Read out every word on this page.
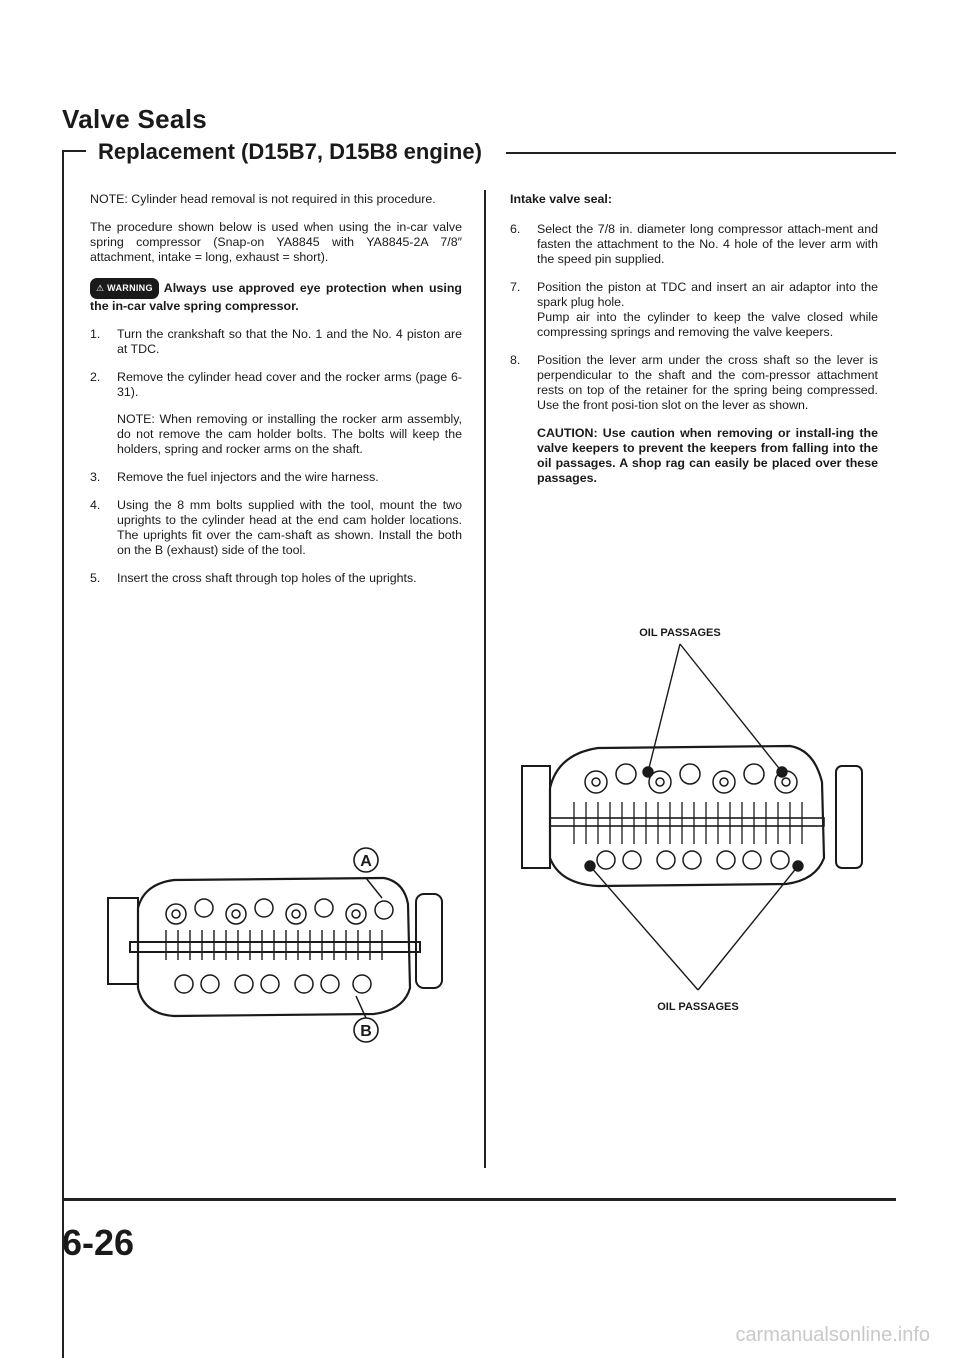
Valve Seals
Replacement (D15B7, D15B8 engine)

NOTE: Cylinder head removal is not required in this procedure.

The procedure shown below is used when using the in-car valve spring compressor (Snap-on YA8845 with YA8845-2A 7/8″ attachment, intake = long, exhaust = short).

⚠ WARNING Always use approved eye protection when using the in-car valve spring compressor.

1. Turn the crankshaft so that the No. 1 and the No. 4 piston are at TDC.
2. Remove the cylinder head cover and the rocker arms (page 6-31).

NOTE: When removing or installing the rocker arm assembly, do not remove the cam holder bolts. The bolts will keep the holders, spring and rocker arms on the shaft.

3. Remove the fuel injectors and the wire harness.
4. Using the 8 mm bolts supplied with the tool, mount the two uprights to the cylinder head at the end cam holder locations. The uprights fit over the cam-shaft as shown. Install the both on the B (exhaust) side of the tool.
5. Insert the cross shaft through top holes of the uprights.
A
B

Intake valve seal:

6. Select the 7/8 in. diameter long compressor attach-ment and fasten the attachment to the No. 4 hole of the lever arm with the speed pin supplied.
7. Position the piston at TDC and insert an air adaptor into the spark plug hole.
Pump air into the cylinder to keep the valve closed while compressing springs and removing the valve keepers.
8. Position the lever arm under the cross shaft so the lever is perpendicular to the shaft and the com-pressor attachment rests on top of the retainer for the spring being compressed. Use the front posi-tion slot on the lever as shown.

CAUTION: Use caution when removing or install-ing the valve keepers to prevent the keepers from falling into the oil passages. A shop rag can easily be placed over these passages.

OIL PASSAGES
OIL PASSAGES
6-26
carmanualsonline.info
